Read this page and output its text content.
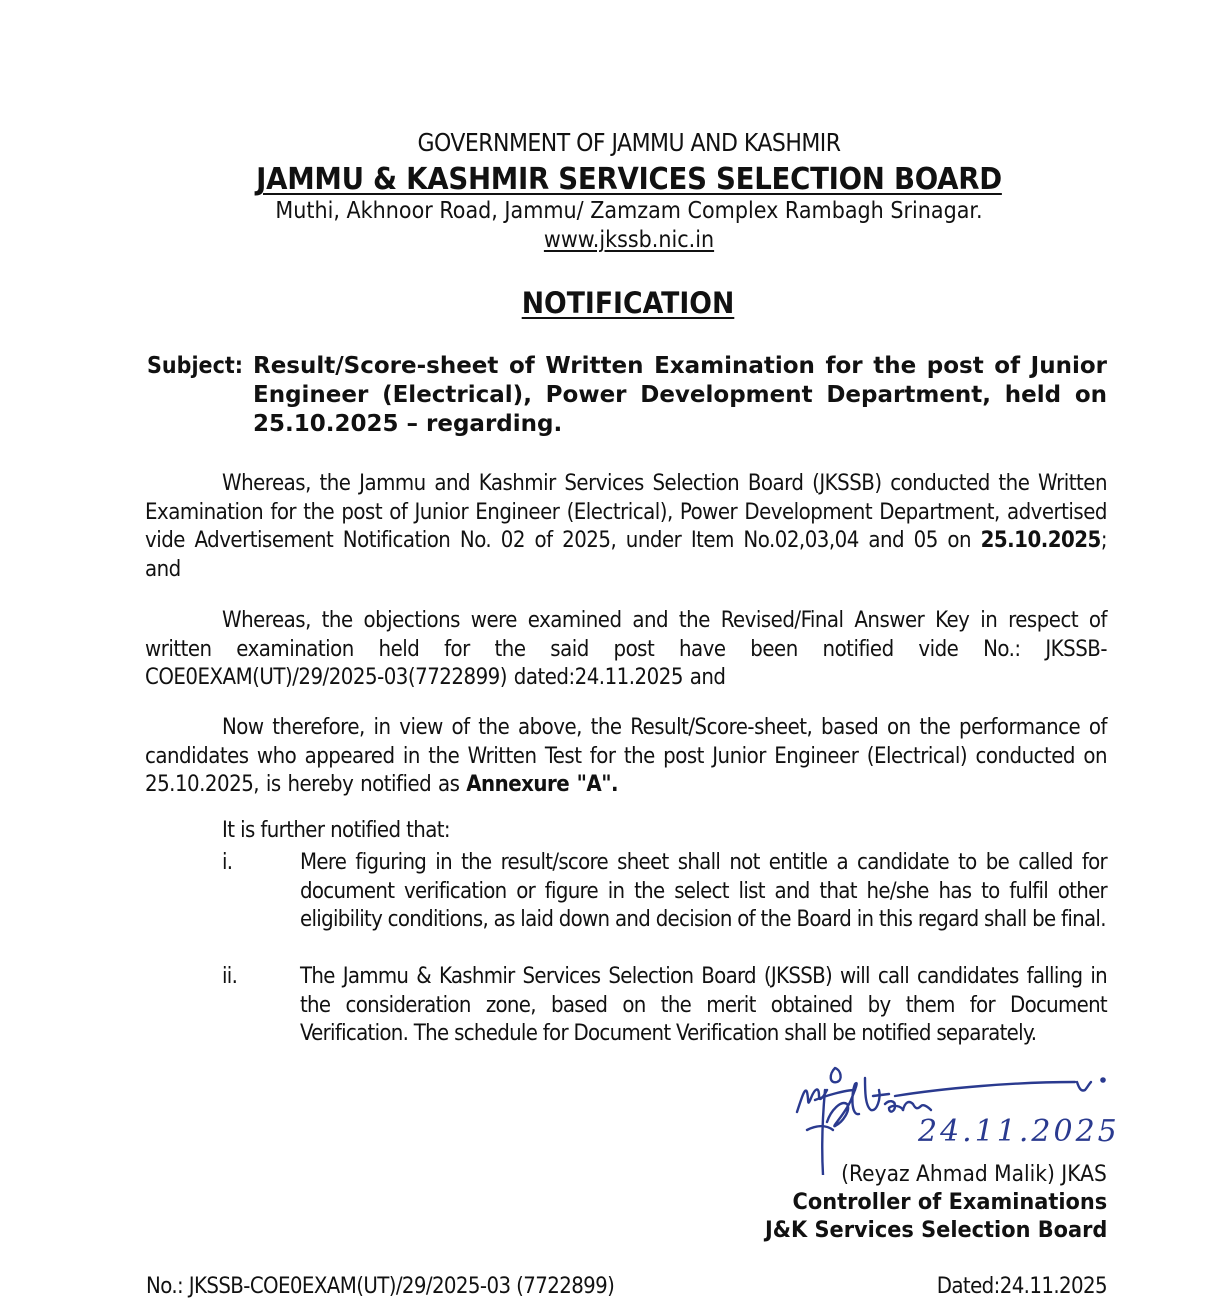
GOVERNMENT OF JAMMU AND KASHMIR
JAMMU & KASHMIR SERVICES SELECTION BOARD
Muthi, Akhnoor Road, Jammu/ Zamzam Complex Rambagh Srinagar.
www.jkssb.nic.in
NOTIFICATION
Subject: Result/Score-sheet of Written Examination for the post of Junior Engineer (Electrical), Power Development Department, held on 25.10.2025 – regarding.
Whereas, the Jammu and Kashmir Services Selection Board (JKSSB) conducted the Written Examination for the post of Junior Engineer (Electrical), Power Development Department, advertised vide Advertisement Notification No. 02 of 2025, under Item No.02,03,04 and 05 on 25.10.2025; and
Whereas, the objections were examined and the Revised/Final Answer Key in respect of written examination held for the said post have been notified vide No.: JKSSB-COE0EXAM(UT)/29/2025-03(7722899) dated:24.11.2025 and
Now therefore, in view of the above, the Result/Score-sheet, based on the performance of candidates who appeared in the Written Test for the post Junior Engineer (Electrical) conducted on 25.10.2025, is hereby notified as Annexure "A".
It is further notified that:
i.	Mere figuring in the result/score sheet shall not entitle a candidate to be called for document verification or figure in the select list and that he/she has to fulfil other eligibility conditions, as laid down and decision of the Board in this regard shall be final.
ii.	The Jammu & Kashmir Services Selection Board (JKSSB) will call candidates falling in the consideration zone, based on the merit obtained by them for Document Verification. The schedule for Document Verification shall be notified separately.
24.11.2025
(Reyaz Ahmad Malik) JKAS
Controller of Examinations
J&K Services Selection Board
No.: JKSSB-COE0EXAM(UT)/29/2025-03 (7722899)	Dated:24.11.2025
